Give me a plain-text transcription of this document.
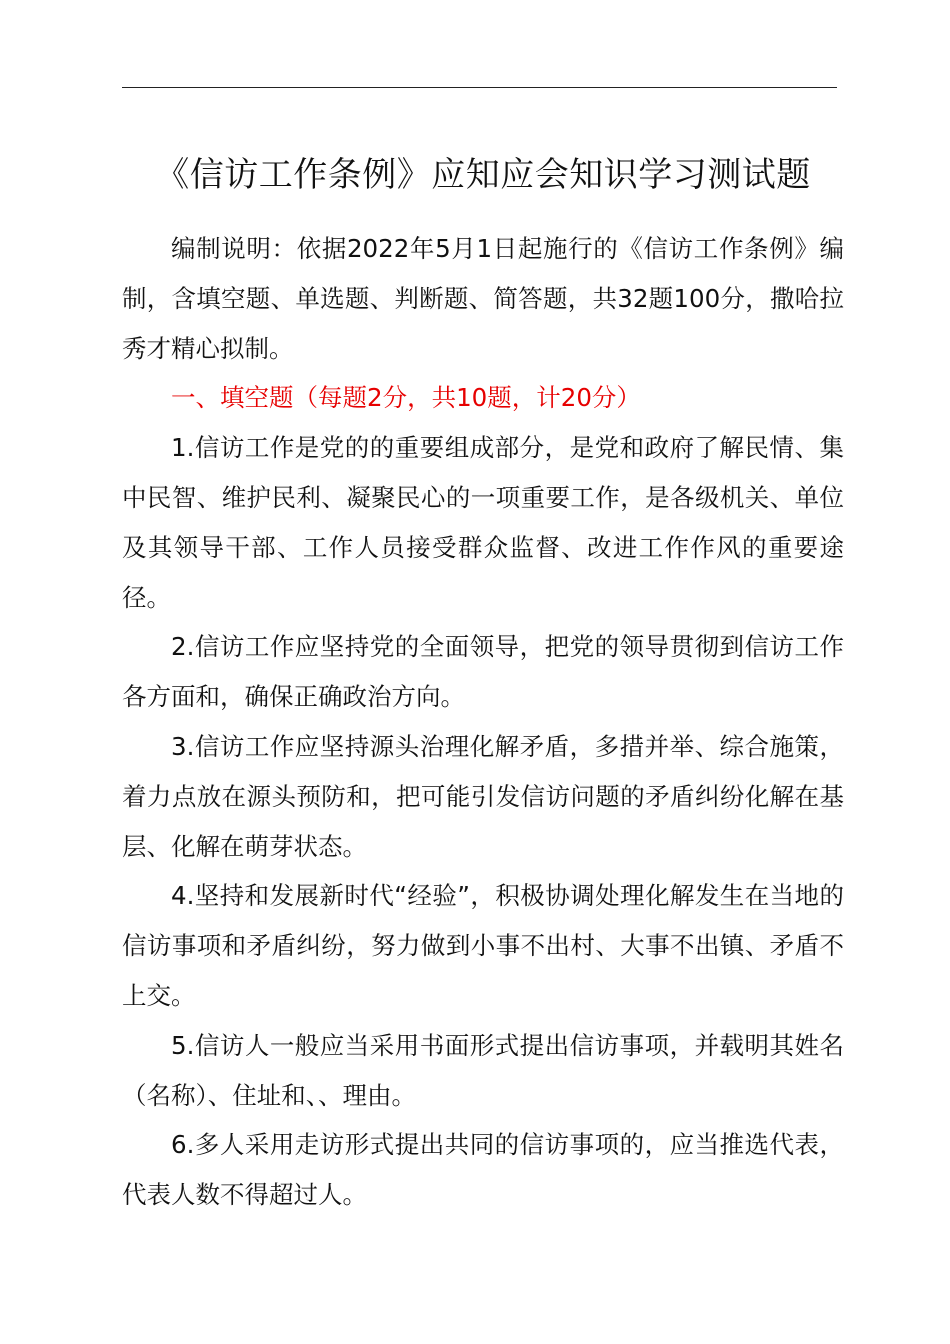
《信访工作条例》应知应会知识学习测试题

编制说明：依据2022年5月1日起施行的《信访工作条例》编制，含填空题、单选题、判断题、简答题，共32题100分，撒哈拉秀才精心拟制。

一、填空题（每题2分，共10题，计20分）

1.信访工作是党的的重要组成部分，是党和政府了解民情、集中民智、维护民利、凝聚民心的一项重要工作，是各级机关、单位及其领导干部、工作人员接受群众监督、改进工作作风的重要途径。

2.信访工作应坚持党的全面领导，把党的领导贯彻到信访工作各方面和，确保正确政治方向。

3.信访工作应坚持源头治理化解矛盾，多措并举、综合施策，着力点放在源头预防和，把可能引发信访问题的矛盾纠纷化解在基层、化解在萌芽状态。

4.坚持和发展新时代“经验”，积极协调处理化解发生在当地的信访事项和矛盾纠纷，努力做到小事不出村、大事不出镇、矛盾不上交。

5.信访人一般应当采用书面形式提出信访事项，并载明其姓名（名称）、住址和、、理由。

6.多人采用走访形式提出共同的信访事项的，应当推选代表，代表人数不得超过人。
